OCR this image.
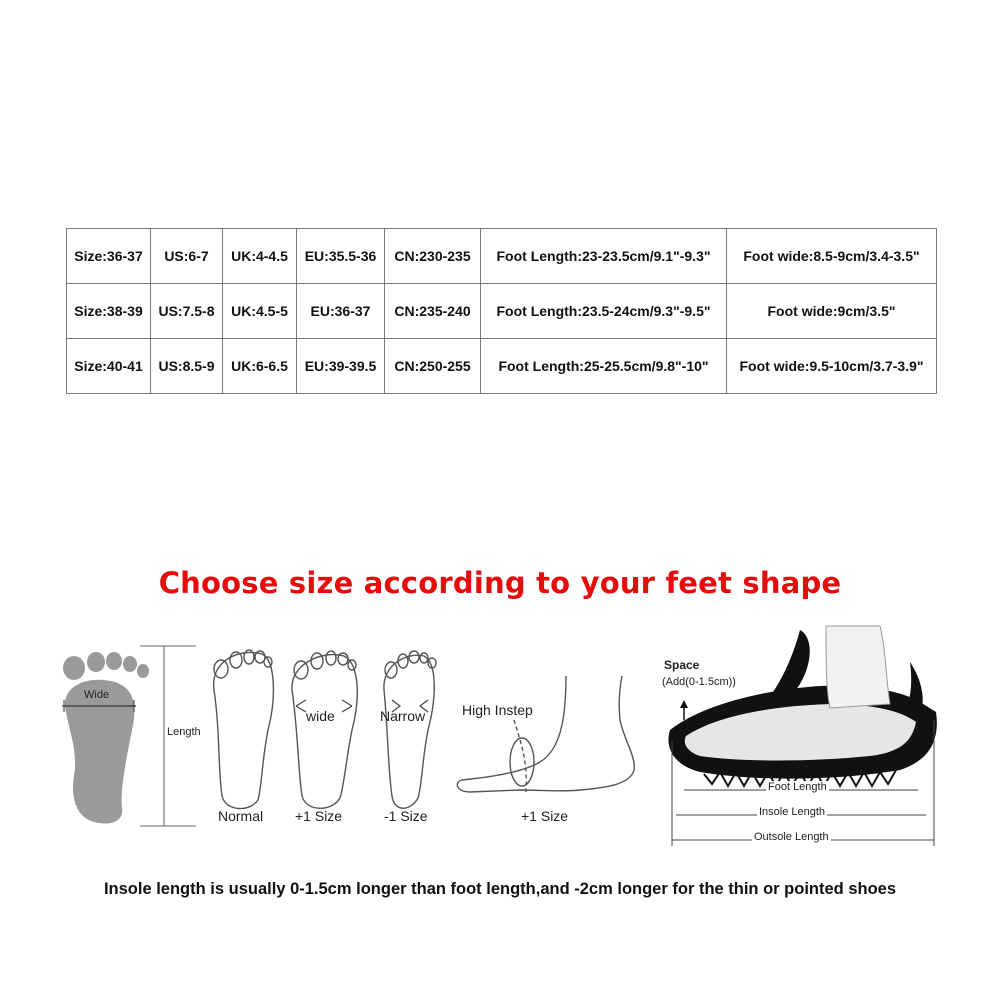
Size:36-37	US:6-7	UK:4-4.5	EU:35.5-36	CN:230-235	Foot Length:23-23.5cm/9.1"-9.3"	Foot wide:8.5-9cm/3.4-3.5"
Size:38-39	US:7.5-8	UK:4.5-5	EU:36-37	CN:235-240	Foot Length:23.5-24cm/9.3"-9.5"	Foot wide:9cm/3.5"
Size:40-41	US:8.5-9	UK:6-6.5	EU:39-39.5	CN:250-255	Foot Length:25-25.5cm/9.8"-10"	Foot wide:9.5-10cm/3.7-3.9"
Choose size according to your feet shape
Wide
Length
Normal
wide	Narrow	High Instep
+1 Size	-1 Size	+1 Size
Space
(Add(0-1.5cm))
Foot Length
Insole Length
Outsole Length
Insole length is usually 0-1.5cm longer than foot length,and -2cm longer for the thin or pointed shoes
